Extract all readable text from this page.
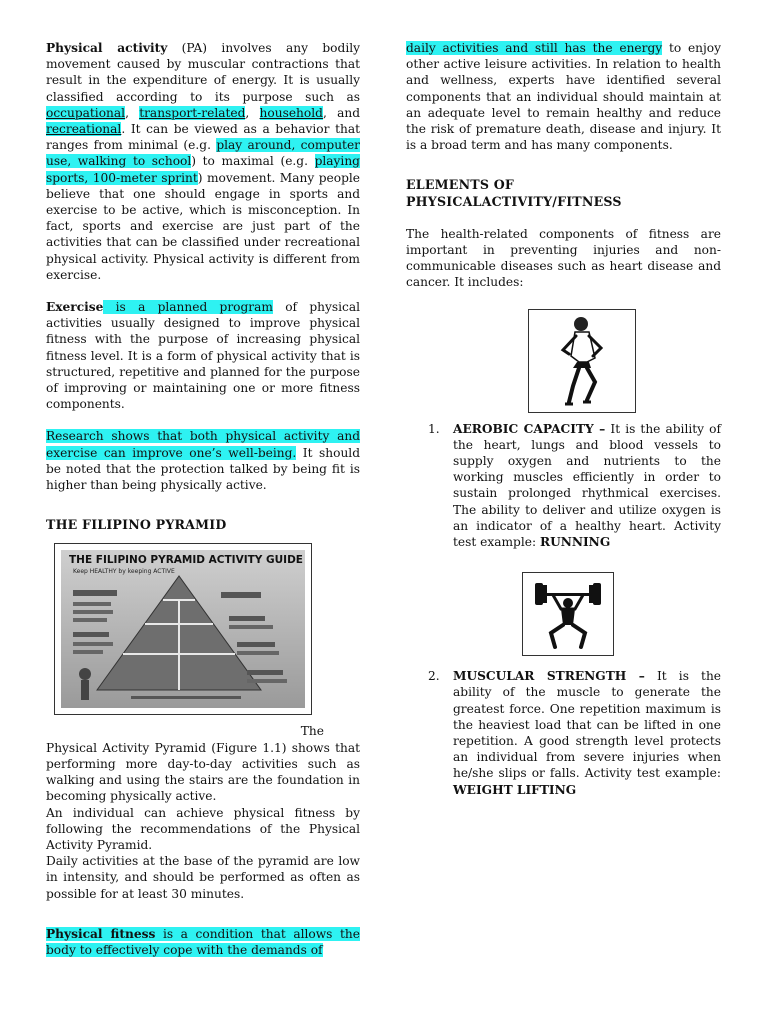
Physical activity (PA) involves any bodily movement caused by muscular contractions that result in the expenditure of energy. It is usually classified according to its purpose such as occupational, transport-related, household, and recreational. It can be viewed as a behavior that ranges from minimal (e.g. play around, computer use, walking to school) to maximal (e.g. playing sports, 100-meter sprint) movement. Many people believe that one should engage in sports and exercise to be active, which is misconception. In fact, sports and exercise are just part of the activities that can be classified under recreational physical activity. Physical activity is different from exercise.

Exercise is a planned program of physical activities usually designed to improve physical fitness with the purpose of increasing physical fitness level. It is a form of physical activity that is structured, repetitive and planned for the purpose of improving or maintaining one or more fitness components.

Research shows that both physical activity and exercise can improve one’s well-being. It should be noted that the protection talked by being fit is higher than being physically active.

THE FILIPINO PYRAMID
THE FILIPINO PYRAMID ACTIVITY GUIDE
Keep HEALTHY by keeping ACTIVE

The

Physical Activity Pyramid (Figure 1.1) shows that performing more day-to-day activities such as walking and using the stairs are the foundation in becoming physically active.

An individual can achieve physical fitness by following the recommendations of the Physical Activity Pyramid.

Daily activities at the base of the pyramid are low in intensity, and should be performed as often as possible for at least 30 minutes.

Physical fitness is a condition that allows the body to effectively cope with the demands of

daily activities and still has the energy to enjoy other active leisure activities. In relation to health and wellness, experts have identified several components that an individual should maintain at an adequate level to remain healthy and reduce the risk of premature death, disease and injury. It is a broad term and has many components.

ELEMENTS OF PHYSICALACTIVITY/FITNESS

The health-related components of fitness are important in preventing injuries and non-communicable diseases such as heart disease and cancer. It includes:

1. AEROBIC CAPACITY – It is the ability of the heart, lungs and blood vessels to supply oxygen and nutrients to the working muscles efficiently in order to sustain prolonged rhythmical exercises. The ability to deliver and utilize oxygen is an indicator of a healthy heart. Activity test example: RUNNING

2. MUSCULAR STRENGTH – It is the ability of the muscle to generate the greatest force. One repetition maximum is the heaviest load that can be lifted in one repetition. A good strength level protects an individual from severe injuries when he/she slips or falls. Activity test example: WEIGHT LIFTING
